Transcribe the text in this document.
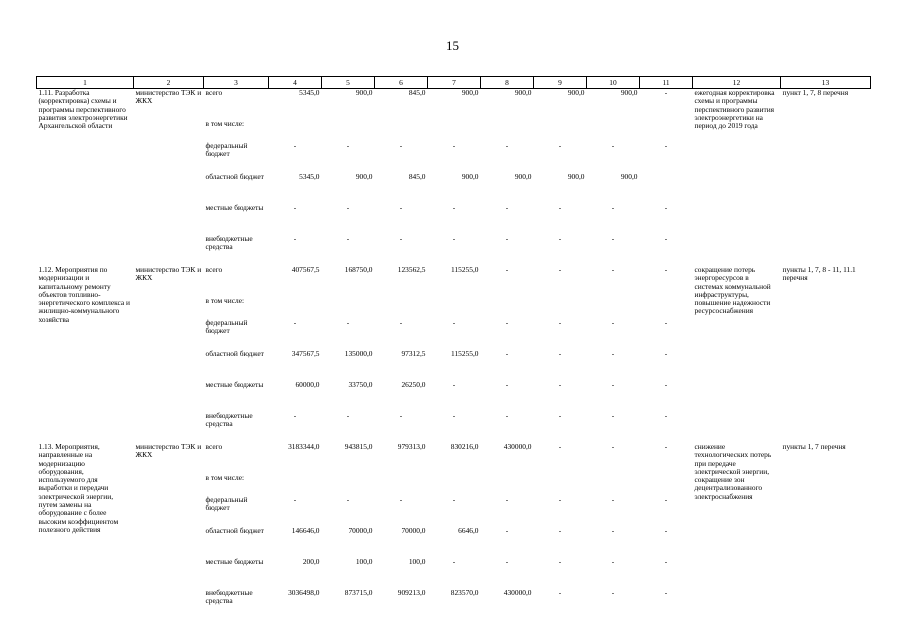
15
1	2	3	4	5	6	7	8	9	10	11	12	13
1.11. Разработка (корректировка) схемы и программы перспективного развития электроэнергетики Архангельской области	министерство ТЭК и ЖКХ	всего	5345,0	900,0	845,0	900,0	900,0	900,0	900,0	-	ежегодная корректировка схемы и программы перспективного развития электроэнергетики на период до 2019 года	пункт 1, 7, 8 перечня
		в том числе:										
		федеральный бюджет	-	-	-	-	-	-	-	-		
		областной бюджет	5345,0	900,0	845,0	900,0	900,0	900,0	900,0			
		местные бюджеты	-	-	-	-	-	-	-	-		
		внебюджетные средства	-	-	-	-	-	-	-	-		
1.12. Мероприятия по модернизации и капитальному ремонту объектов топливно-энергетического комплекса и жилищно-коммунального хозяйства	министерство ТЭК и ЖКХ	всего	407567,5	168750,0	123562,5	115255,0	-	-	-	-	сокращение потерь энергоресурсов в системах коммунальной инфраструктуры, повышение надежности ресурсоснабжения	пункты 1, 7, 8 - 11, 11.1 перечня
		в том числе:										
		федеральный бюджет	-	-	-	-	-	-	-	-		
		областной бюджет	347567,5	135000,0	97312,5	115255,0	-	-	-	-		
		местные бюджеты	60000,0	33750,0	26250,0	-	-	-	-	-		
		внебюджетные средства	-	-	-	-	-	-	-	-		
1.13. Мероприятия, направленные на модернизацию оборудования, используемого для выработки и передачи электрической энергии, путем замены на оборудование с более высоким коэффициентом полезного действия	министерство ТЭК и ЖКХ	всего	3183344,0	943815,0	979313,0	830216,0	430000,0	-	-	-	снижение технологических потерь при передаче электрической энергии, сокращение зон децентрализованного электроснабжения	пункты 1, 7 перечня
		в том числе:										
		федеральный бюджет	-	-	-	-	-	-	-	-		
		областной бюджет	146646,0	70000,0	70000,0	6646,0	-	-	-	-		
		местные бюджеты	200,0	100,0	100,0	-	-	-	-	-		
		внебюджетные средства	3036498,0	873715,0	909213,0	823570,0	430000,0	-	-	-		
